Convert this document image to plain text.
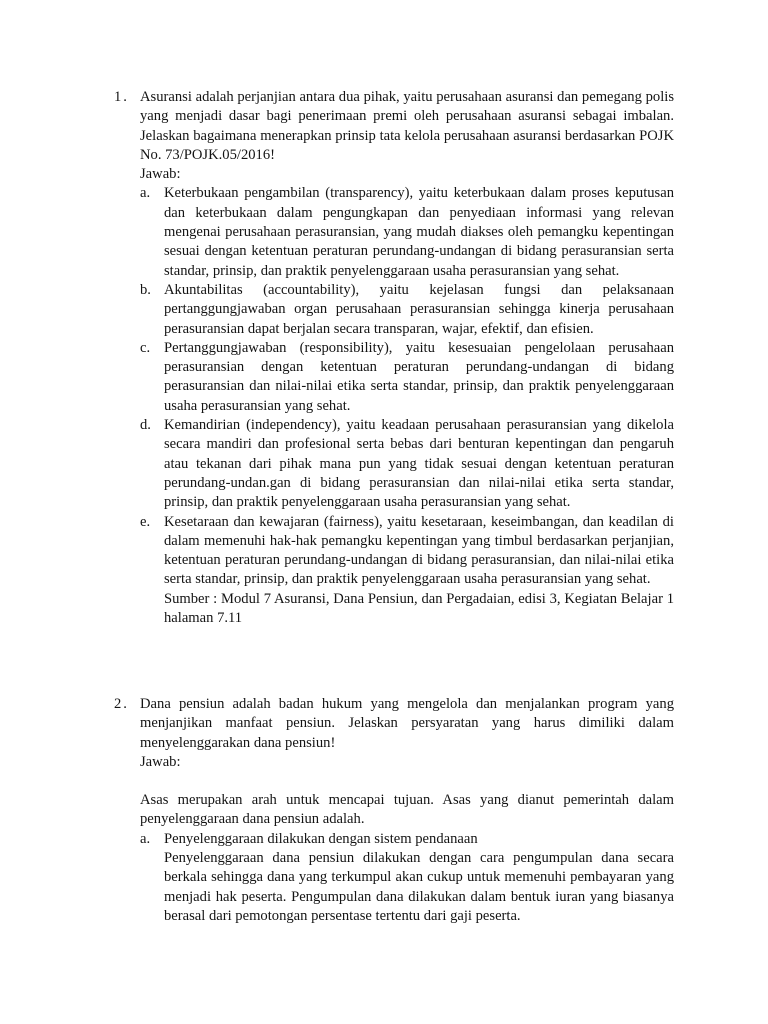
1. Asuransi adalah perjanjian antara dua pihak, yaitu perusahaan asuransi dan pemegang polis yang menjadi dasar bagi penerimaan premi oleh perusahaan asuransi sebagai imbalan. Jelaskan bagaimana menerapkan prinsip tata kelola perusahaan asuransi berdasarkan POJK No. 73/POJK.05/2016!

Jawab:

a. Keterbukaan pengambilan (transparency), yaitu keterbukaan dalam proses keputusan dan keterbukaan dalam pengungkapan dan penyediaan informasi yang relevan mengenai perusahaan perasuransian, yang mudah diakses oleh pemangku kepentingan sesuai dengan ketentuan peraturan perundang-undangan di bidang perasuransian serta standar, prinsip, dan praktik penyelenggaraan usaha perasuransian yang sehat.

b. Akuntabilitas (accountability), yaitu kejelasan fungsi dan pelaksanaan pertanggungjawaban organ perusahaan perasuransian sehingga kinerja perusahaan perasuransian dapat berjalan secara transparan, wajar, efektif, dan efisien.

c. Pertanggungjawaban (responsibility), yaitu kesesuaian pengelolaan perusahaan perasuransian dengan ketentuan peraturan perundang-undangan di bidang perasuransian dan nilai-nilai etika serta standar, prinsip, dan praktik penyelenggaraan usaha perasuransian yang sehat.

d. Kemandirian (independency), yaitu keadaan perusahaan perasuransian yang dikelola secara mandiri dan profesional serta bebas dari benturan kepentingan dan pengaruh atau tekanan dari pihak mana pun yang tidak sesuai dengan ketentuan peraturan perundang-undan.gan di bidang perasuransian dan nilai-nilai etika serta standar, prinsip, dan praktik penyelenggaraan usaha perasuransian yang sehat.

e. Kesetaraan dan kewajaran (fairness), yaitu kesetaraan, keseimbangan, dan keadilan di dalam memenuhi hak-hak pemangku kepentingan yang timbul berdasarkan perjanjian, ketentuan peraturan perundang-undangan di bidang perasuransian, dan nilai-nilai etika serta standar, prinsip, dan praktik penyelenggaraan usaha perasuransian yang sehat.

Sumber : Modul 7 Asuransi, Dana Pensiun, dan Pergadaian, edisi 3, Kegiatan Belajar 1 halaman 7.11

2. Dana pensiun adalah badan hukum yang mengelola dan menjalankan program yang menjanjikan manfaat pensiun. Jelaskan persyaratan yang harus dimiliki dalam menyelenggarakan dana pensiun!

Jawab:

Asas merupakan arah untuk mencapai tujuan. Asas yang dianut pemerintah dalam penyelenggaraan dana pensiun adalah.

a. Penyelenggaraan dilakukan dengan sistem pendanaan

Penyelenggaraan dana pensiun dilakukan dengan cara pengumpulan dana secara berkala sehingga dana yang terkumpul akan cukup untuk memenuhi pembayaran yang menjadi hak peserta. Pengumpulan dana dilakukan dalam bentuk iuran yang biasanya berasal dari pemotongan persentase tertentu dari gaji peserta.
